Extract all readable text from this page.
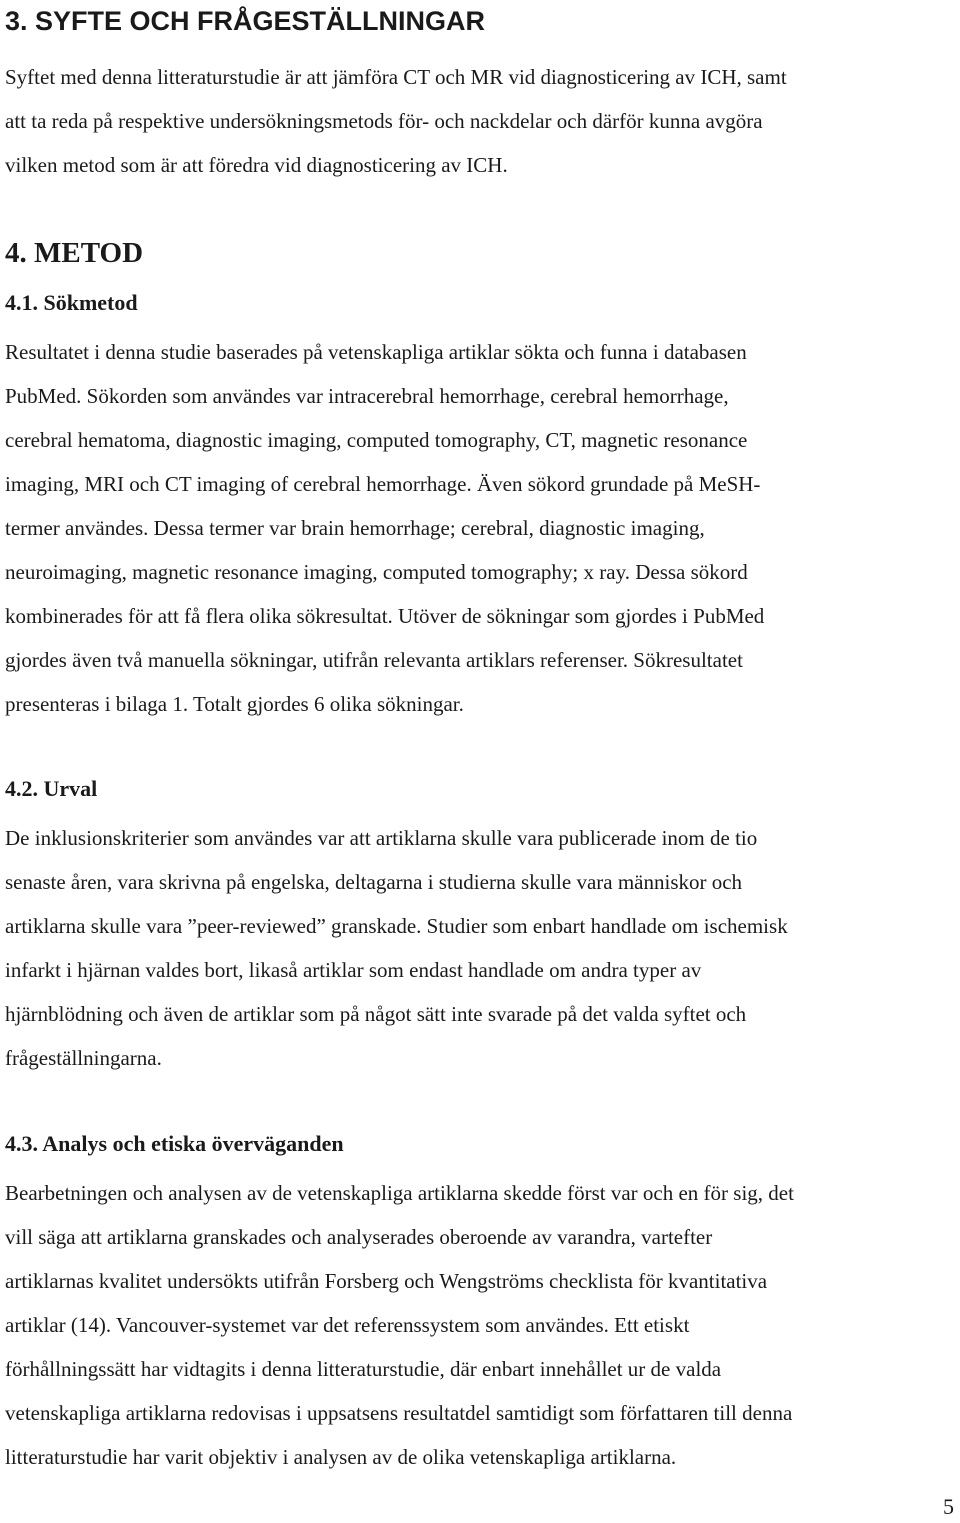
3. SYFTE OCH FRÅGESTÄLLNINGAR
Syftet med denna litteraturstudie är att jämföra CT och MR vid diagnosticering av ICH, samt
att ta reda på respektive undersökningsmetods för- och nackdelar och därför kunna avgöra
vilken metod som är att föredra vid diagnosticering av ICH.
4. METOD
4.1. Sökmetod
Resultatet i denna studie baserades på vetenskapliga artiklar sökta och funna i databasen
PubMed. Sökorden som användes var intracerebral hemorrhage, cerebral hemorrhage,
cerebral hematoma, diagnostic imaging, computed tomography, CT, magnetic resonance
imaging, MRI och CT imaging of cerebral hemorrhage. Även sökord grundade på MeSH-
termer användes. Dessa termer var brain hemorrhage; cerebral, diagnostic imaging,
neuroimaging, magnetic resonance imaging, computed tomography; x ray. Dessa sökord
kombinerades för att få flera olika sökresultat. Utöver de sökningar som gjordes i PubMed
gjordes även två manuella sökningar, utifrån relevanta artiklars referenser. Sökresultatet
presenteras i bilaga 1. Totalt gjordes 6 olika sökningar.
4.2. Urval
De inklusionskriterier som användes var att artiklarna skulle vara publicerade inom de tio
senaste åren, vara skrivna på engelska, deltagarna i studierna skulle vara människor och
artiklarna skulle vara ”peer-reviewed” granskade. Studier som enbart handlade om ischemisk
infarkt i hjärnan valdes bort, likaså artiklar som endast handlade om andra typer av
hjärnblödning och även de artiklar som på något sätt inte svarade på det valda syftet och
frågeställningarna.
4.3. Analys och etiska överväganden
Bearbetningen och analysen av de vetenskapliga artiklarna skedde först var och en för sig, det
vill säga att artiklarna granskades och analyserades oberoende av varandra, vartefter
artiklarnas kvalitet undersökts utifrån Forsberg och Wengströms checklista för kvantitativa
artiklar (14). Vancouver-systemet var det referenssystem som användes. Ett etiskt
förhållningssätt har vidtagits i denna litteraturstudie, där enbart innehållet ur de valda
vetenskapliga artiklarna redovisas i uppsatsens resultatdel samtidigt som författaren till denna
litteraturstudie har varit objektiv i analysen av de olika vetenskapliga artiklarna.
5
